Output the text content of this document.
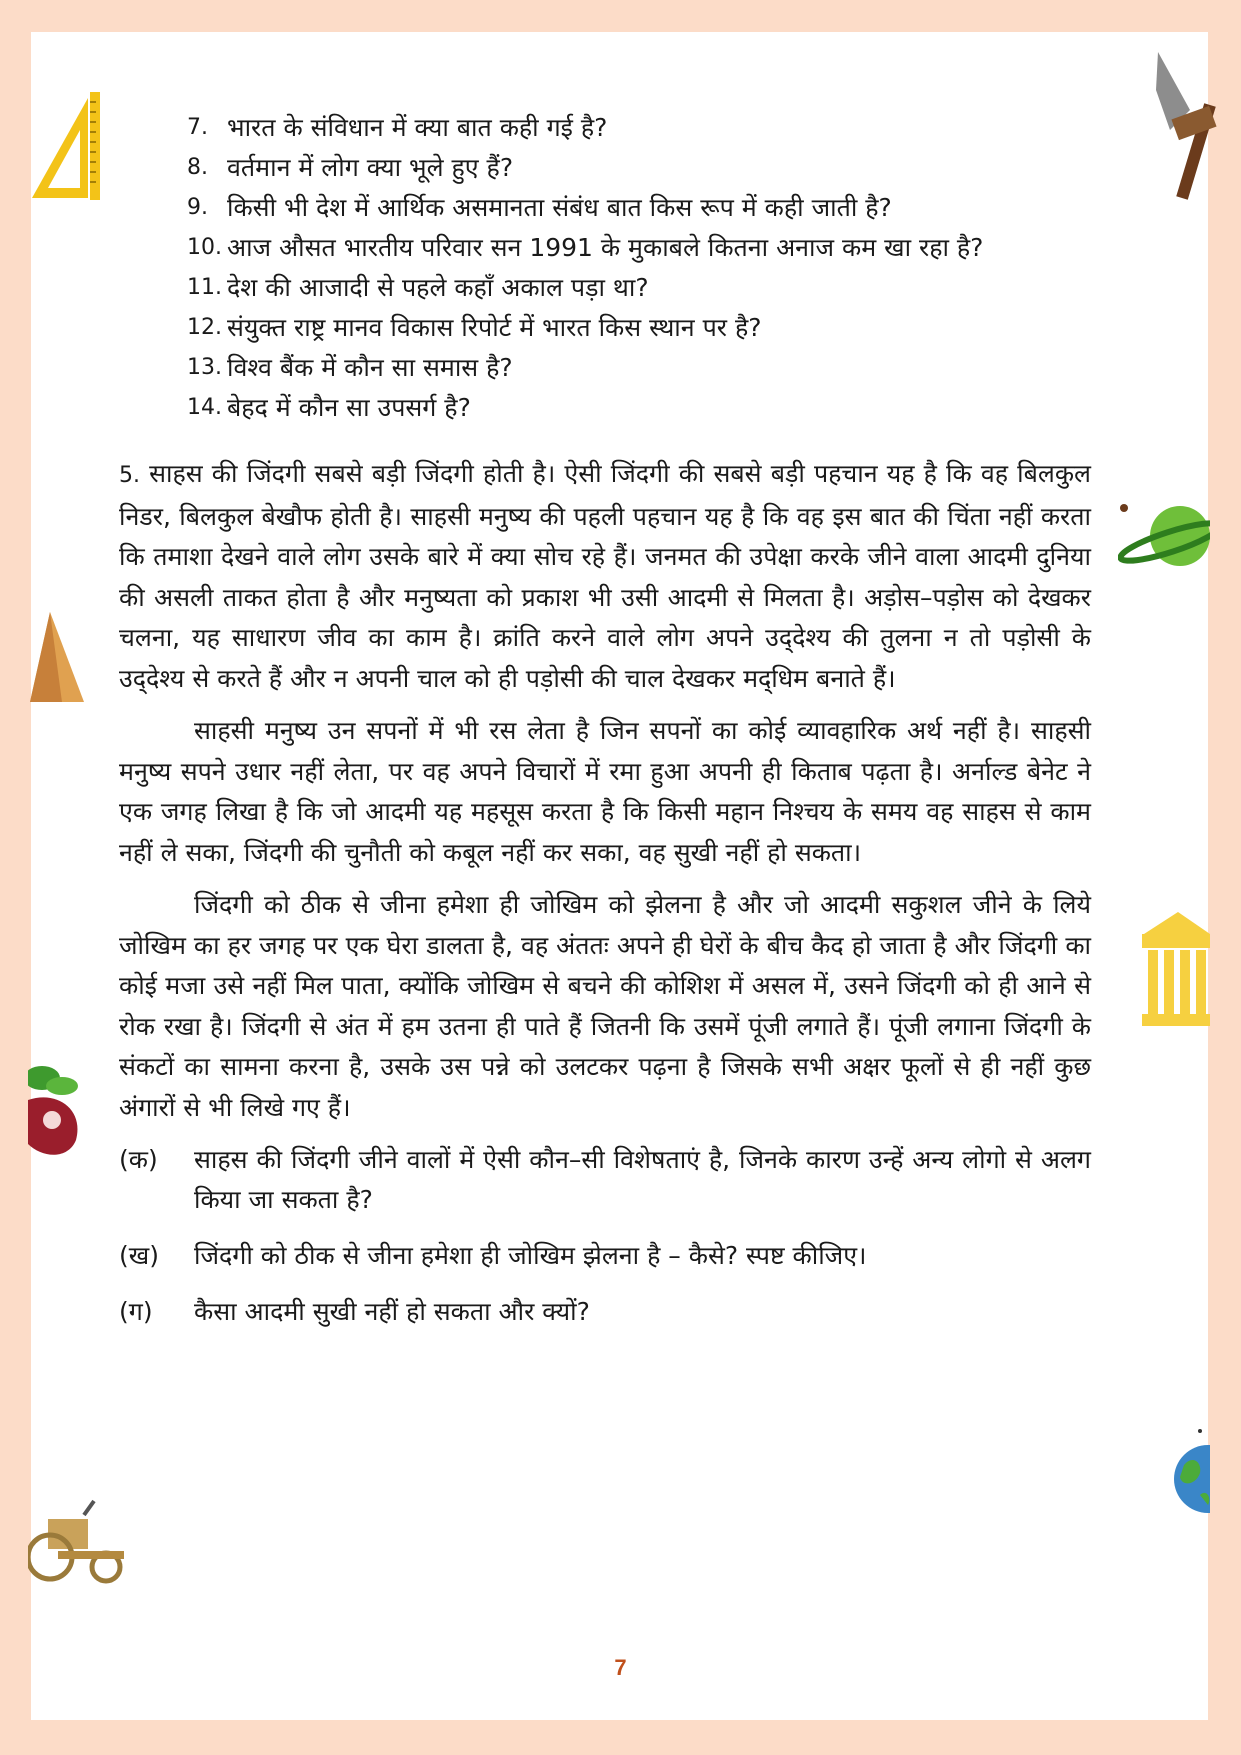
7. भारत के संविधान में क्या बात कही गई है?
8. वर्तमान में लोग क्या भूले हुए हैं?
9. किसी भी देश में आर्थिक असमानता संबंध बात किस रूप में कही जाती है?
10. आज औसत भारतीय परिवार सन 1991 के मुकाबले कितना अनाज कम खा रहा है?
11. देश की आजादी से पहले कहाँ अकाल पड़ा था?
12. संयुक्त राष्ट्र मानव विकास रिपोर्ट में भारत किस स्थान पर है?
13. विश्व बैंक में कौन सा समास है?
14. बेहद में कौन सा उपसर्ग है?

5. साहस की जिंदगी सबसे बड़ी जिंदगी होती है। ऐसी जिंदगी की सबसे बड़ी पहचान यह है कि वह बिलकुल निडर, बिलकुल बेखौफ होती है। साहसी मनुष्य की पहली पहचान यह है कि वह इस बात की चिंता नहीं करता कि तमाशा देखने वाले लोग उसके बारे में क्या सोच रहे हैं। जनमत की उपेक्षा करके जीने वाला आदमी दुनिया की असली ताकत होता है और मनुष्यता को प्रकाश भी उसी आदमी से मिलता है। अड़ोस–पड़ोस को देखकर चलना, यह साधारण जीव का काम है। क्रांति करने वाले लोग अपने उद्‌देश्य की तुलना न तो पड़ोसी के उद्‌देश्य से करते हैं और न अपनी चाल को ही पड़ोसी की चाल देखकर मद्‌धिम बनाते हैं।

साहसी मनुष्य उन सपनों में भी रस लेता है जिन सपनों का कोई व्यावहारिक अर्थ नहीं है। साहसी मनुष्य सपने उधार नहीं लेता, पर वह अपने विचारों में रमा हुआ अपनी ही किताब पढ़ता है। अर्नाल्ड बेनेट ने एक जगह लिखा है कि जो आदमी यह महसूस करता है कि किसी महान निश्चय के समय वह साहस से काम नहीं ले सका, जिंदगी की चुनौती को कबूल नहीं कर सका, वह सुखी नहीं हो सकता।

जिंदगी को ठीक से जीना हमेशा ही जोखिम को झेलना है और जो आदमी सकुशल जीने के लिये जोखिम का हर जगह पर एक घेरा डालता है, वह अंततः अपने ही घेरों के बीच कैद हो जाता है और जिंदगी का कोई मजा उसे नहीं मिल पाता, क्योंकि जोखिम से बचने की कोशिश में असल में, उसने जिंदगी को ही आने से रोक रखा है। जिंदगी से अंत में हम उतना ही पाते हैं जितनी कि उसमें पूंजी लगाते हैं। पूंजी लगाना जिंदगी के संकटों का सामना करना है, उसके उस पन्ने को उलटकर पढ़ना है जिसके सभी अक्षर फूलों से ही नहीं कुछ अंगारों से भी लिखे गए हैं।

(क)	साहस की जिंदगी जीने वालों में ऐसी कौन–सी विशेषताएं है, जिनके कारण उन्हें अन्य लोगो से अलग किया जा सकता है?
(ख)	जिंदगी को ठीक से जीना हमेशा ही जोखिम झेलना है – कैसे? स्पष्ट कीजिए।
(ग)	कैसा आदमी सुखी नहीं हो सकता और क्यों?
7
